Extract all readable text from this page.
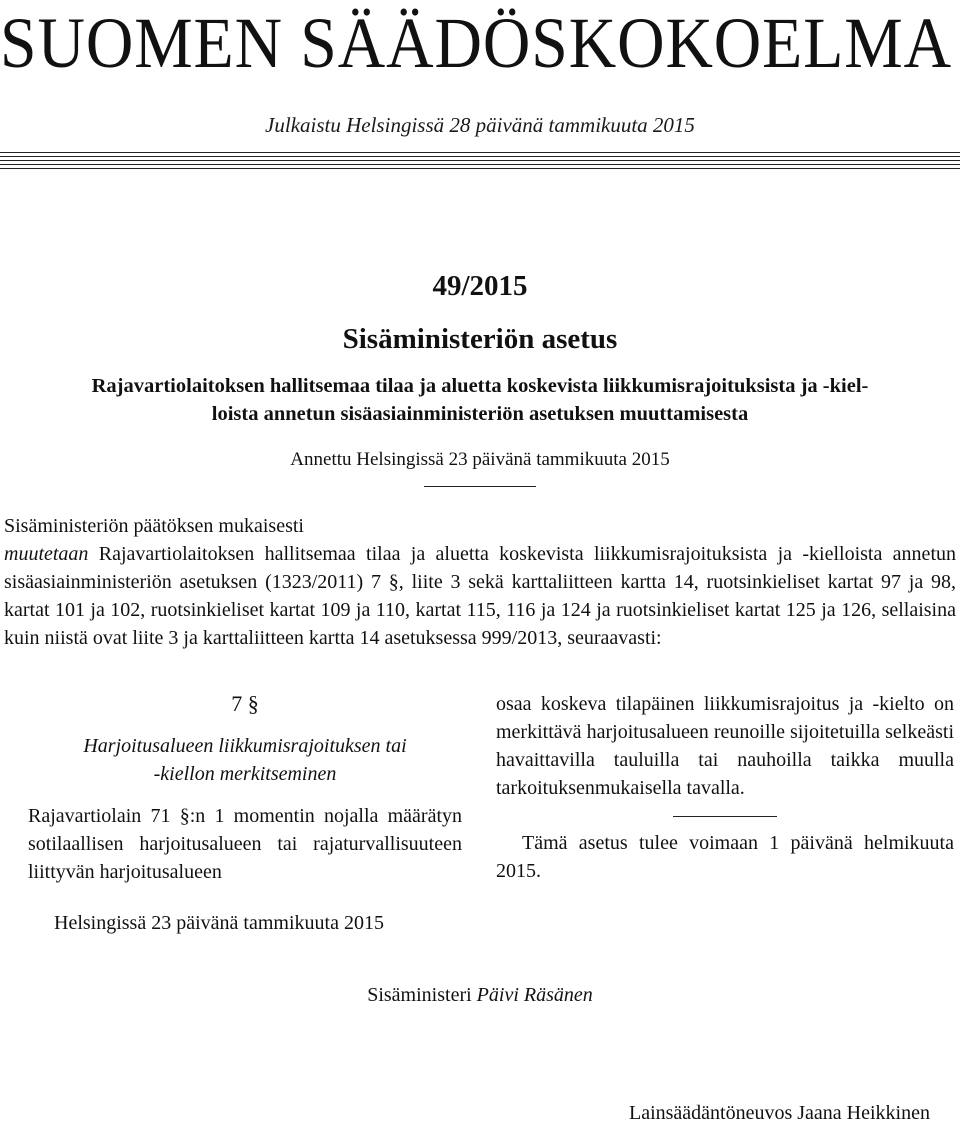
SUOMEN SÄÄDÖSKOKOELMA
Julkaistu Helsingissä 28 päivänä tammikuuta 2015
49/2015
Sisäministeriön asetus
Rajavartiolaitoksen hallitsemaa tilaa ja aluetta koskevista liikkumisrajoituksista ja -kiel-
loista annetun sisäasiainministeriön asetuksen muuttamisesta
Annettu Helsingissä 23 päivänä tammikuuta 2015

Sisäministeriön päätöksen mukaisesti

muutetaan Rajavartiolaitoksen hallitsemaa tilaa ja aluetta koskevista liikkumisrajoituksista ja -kielloista annetun sisäasiainministeriön asetuksen (1323/2011) 7 §, liite 3 sekä karttaliitteen kartta 14, ruotsinkieliset kartat 97 ja 98, kartat 101 ja 102, ruotsinkieliset kartat 109 ja 110, kartat 115, 116 ja 124 ja ruotsinkieliset kartat 125 ja 126, sellaisina kuin niistä ovat liite 3 ja karttaliitteen kartta 14 asetuksessa 999/2013, seuraavasti:

7 §
Harjoitusalueen liikkumisrajoituksen tai
-kiellon merkitseminen

Rajavartiolain 71 §:n 1 momentin nojalla määrätyn sotilaallisen harjoitusalueen tai rajaturvallisuuteen liittyvän harjoitusalueen

osaa koskeva tilapäinen liikkumisrajoitus ja -kielto on merkittävä harjoitusalueen reunoille sijoitetuilla selkeästi havaittavilla tauluilla tai nauhoilla taikka muulla tarkoituksenmukaisella tavalla.

Tämä asetus tulee voimaan 1 päivänä helmikuuta 2015.

Helsingissä 23 päivänä tammikuuta 2015
Sisäministeri Päivi Räsänen
Lainsäädäntöneuvos Jaana Heikkinen
